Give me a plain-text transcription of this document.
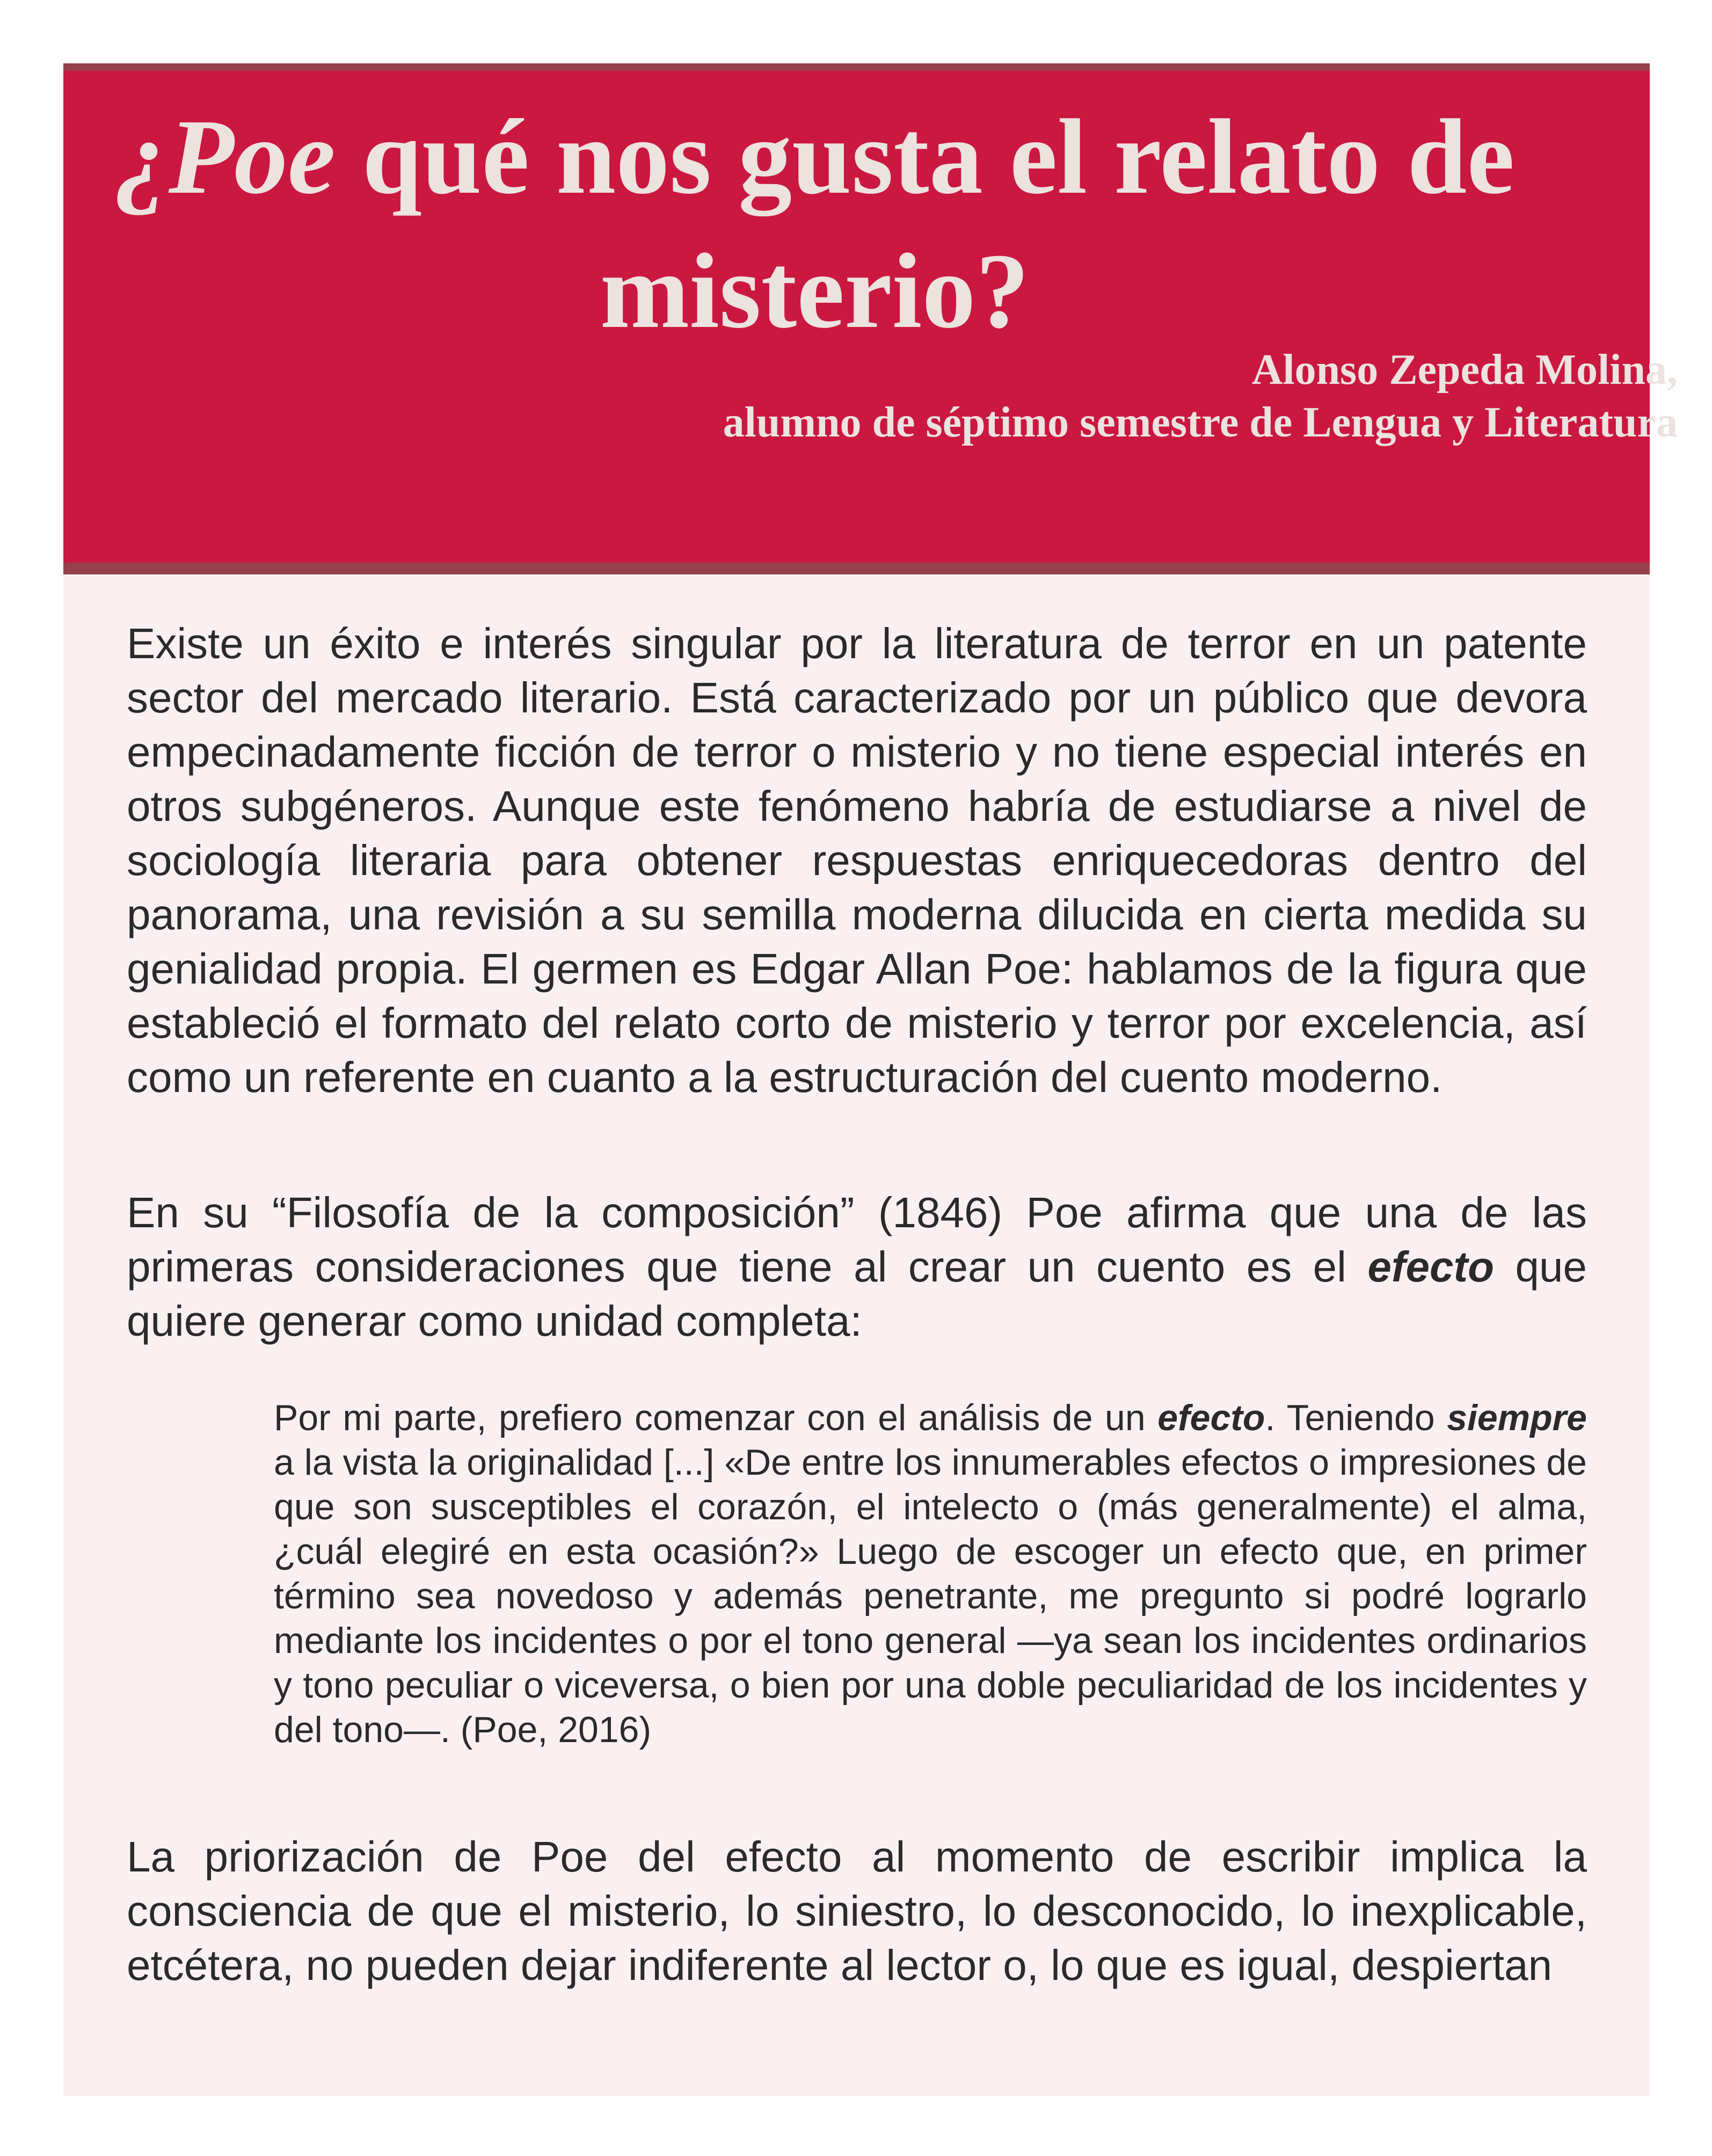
¿Poe qué nos gusta el relato de misterio?
Alonso Zepeda Molina,
alumno de séptimo semestre de Lengua y Literatura

Existe un éxito e interés singular por la literatura de terror en un patente sector del mercado literario. Está caracterizado por un público que devora empecinadamente ficción de terror o misterio y no tiene especial interés en otros subgéneros. Aunque este fenómeno habría de estudiarse a nivel de sociología literaria para obtener respuestas enriquecedoras dentro del panorama, una revisión a su semilla moderna dilucida en cierta medida su genialidad propia. El germen es Edgar Allan Poe: hablamos de la figura que estableció el formato del relato corto de misterio y terror por excelencia, así como un referente en cuanto a la estructuración del cuento moderno.

En su “Filosofía de la composición” (1846) Poe afirma que una de las primeras consideraciones que tiene al crear un cuento es el efecto que quiere generar como unidad completa:

Por mi parte, prefiero comenzar con el análisis de un efecto. Teniendo siempre a la vista la originalidad [...] «De entre los innumerables efectos o impresiones de que son susceptibles el corazón, el intelecto o (más generalmente) el alma, ¿cuál elegiré en esta ocasión?» Luego de escoger un efecto que, en primer término sea novedoso y además penetrante, me pregunto si podré lograrlo mediante los incidentes o por el tono general —ya sean los incidentes ordinarios y tono peculiar o viceversa, o bien por una doble peculiaridad de los incidentes y del tono—. (Poe, 2016)

La priorización de Poe del efecto al momento de escribir implica la consciencia de que el misterio, lo siniestro, lo desconocido, lo inexplicable, etcétera, no pueden dejar indiferente al lector o, lo que es igual, despiertan
